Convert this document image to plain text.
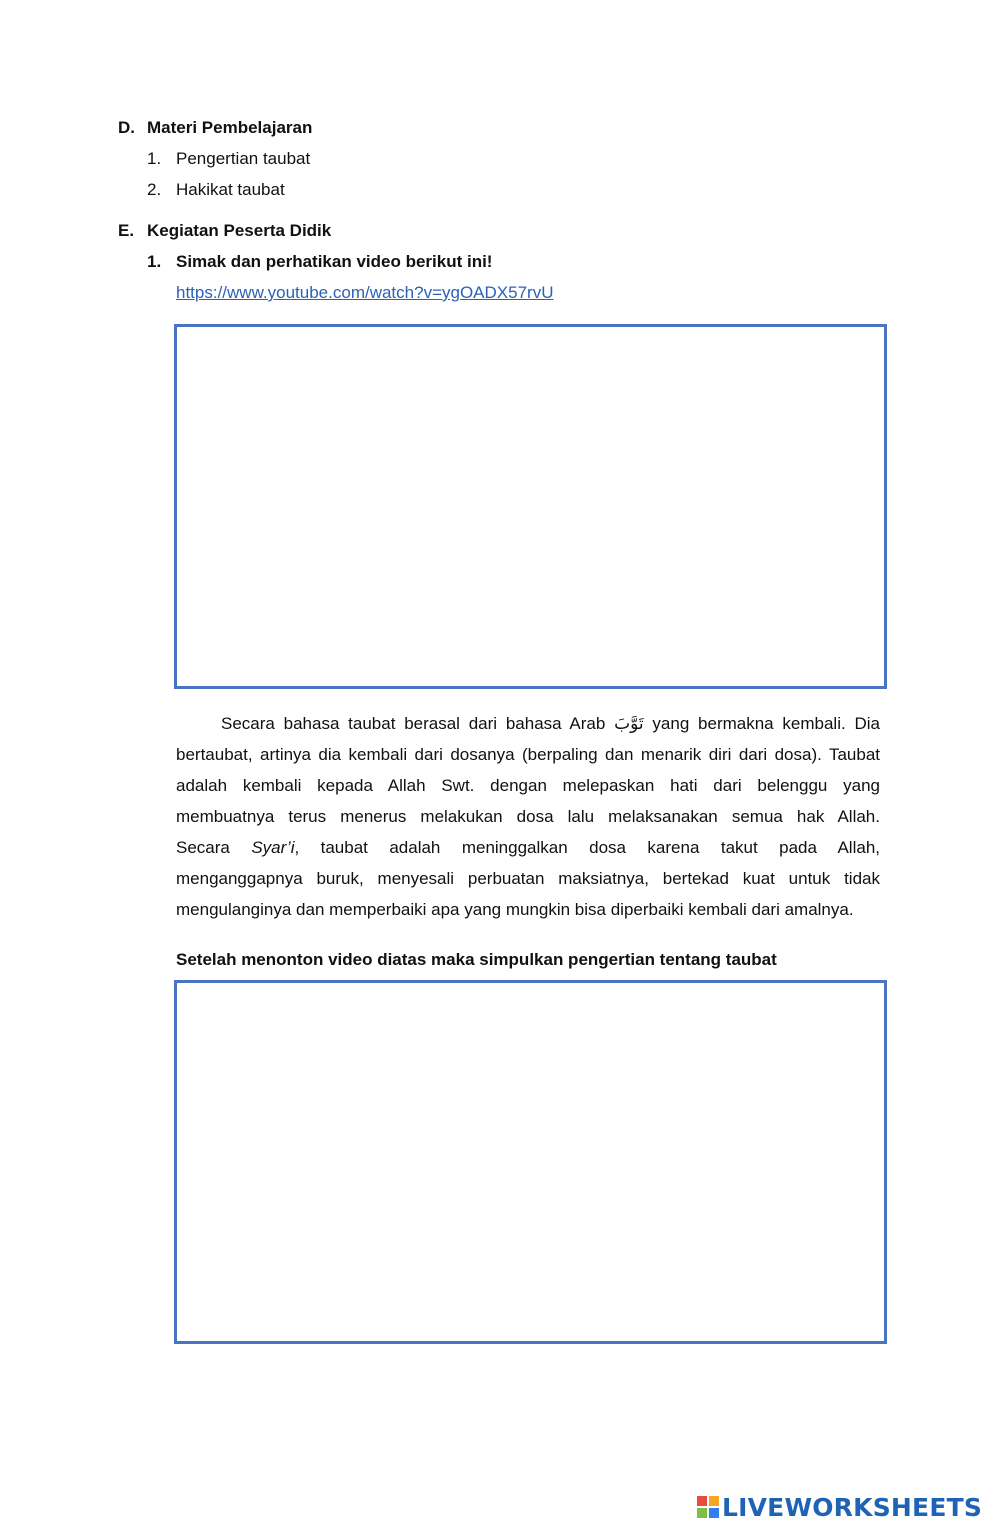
D. Materi Pembelajaran
1. Pengertian taubat
2. Hakikat taubat
E. Kegiatan Peserta Didik
1. Simak dan perhatikan video berikut ini!
https://www.youtube.com/watch?v=ygOADX57rvU
Secara bahasa taubat berasal dari bahasa Arab تَوَّبَ yang bermakna kembali. Dia
bertaubat, artinya dia kembali dari dosanya (berpaling dan menarik diri dari dosa). Taubat
adalah kembali kepada Allah Swt. dengan melepaskan hati dari belenggu yang
membuatnya terus menerus melakukan dosa lalu melaksanakan semua hak Allah.
Secara Syar’i, taubat adalah meninggalkan dosa karena takut pada Allah,
menganggapnya buruk, menyesali perbuatan maksiatnya, bertekad kuat untuk tidak
mengulanginya dan memperbaiki apa yang mungkin bisa diperbaiki kembali dari amalnya.
Setelah menonton video diatas maka simpulkan pengertian tentang taubat
LIVEWORKSHEETS
